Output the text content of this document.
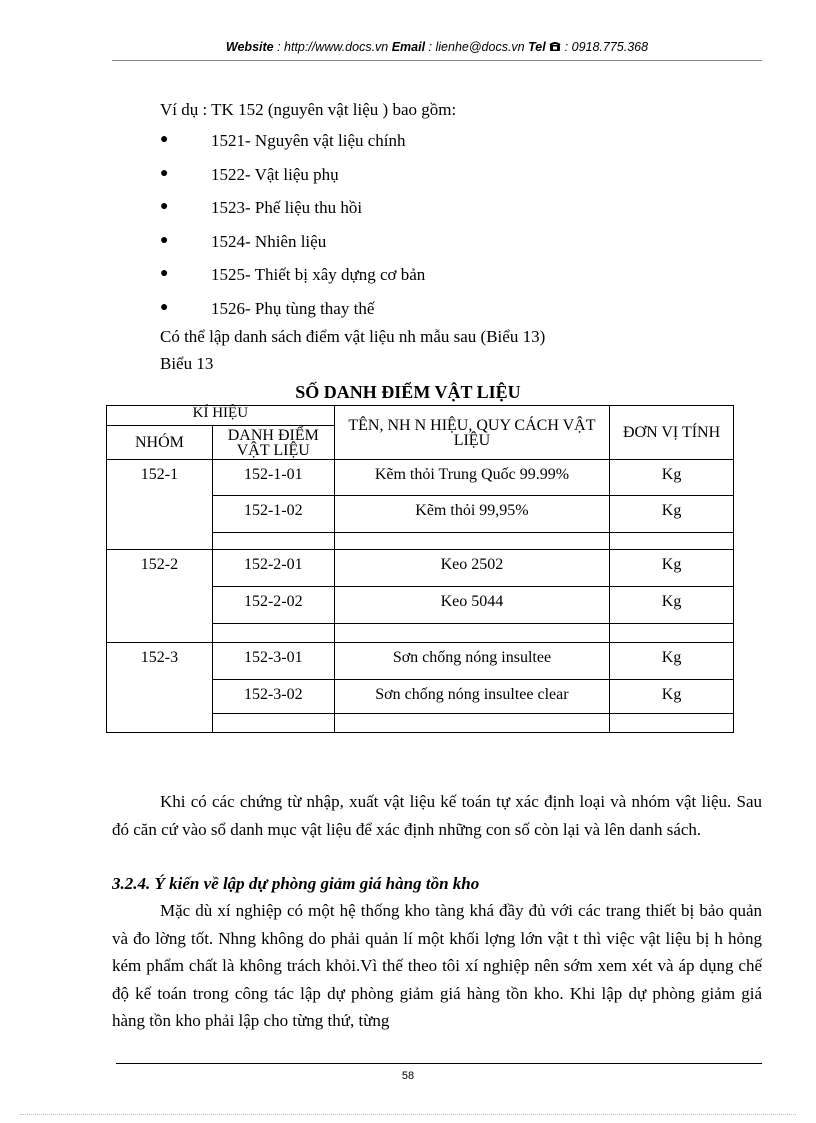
Website : http://www.docs.vn Email : lienhe@docs.vn Tel  : 0918.775.368
Ví dụ : TK 152 (nguyên vật liệu ) bao gồm:
●	1521- Nguyên vật liệu chính
●	1522- Vật liệu phụ
●	1523- Phế liệu thu hồi
●	1524- Nhiên liệu
●	1525- Thiết bị xây dựng cơ bản
●	1526- Phụ tùng thay thế
Có thể lập danh sách điểm vật liệu nh mẫu sau (Biểu 13)
Biểu 13
SỐ DANH ĐIỂM VẬT LIỆU
KÍ HIỆU		TÊN, NH N HIỆU, QUY CÁCH VẬT LIỆU	ĐƠN VỊ TÍNH
NHÓM	DANH ĐIỂM VẬT LIỆU		
152-1	152-1-01	Kẽm thỏi Trung Quốc 99.99%	Kg
	152-1-02	Kẽm thỏi 99,95%	Kg

152-2	152-2-01	Keo 2502	Kg
	152-2-02	Keo 5044	Kg

152-3	152-3-01	Sơn chống nóng insultee	Kg
	152-3-02	Sơn chống nóng insultee clear	Kg

Khi có các chứng từ nhập, xuất vật liệu kế toán tự xác định loại và nhóm vật liệu. Sau đó căn cứ vào sổ danh mục vật liệu để xác định những con số còn lại và lên danh sách.
3.2.4. Ý kiến về lập dự phòng giảm giá hàng tồn kho
Mặc dù xí nghiệp có một hệ thống kho tàng khá đầy đủ với các trang thiết bị bảo quản và đo lờng tốt. Nhng không do phải quản lí một khối lợng lớn vật t thì việc vật liệu bị h hỏng kém phẩm chất là không trách khỏi.Vì thế theo tôi xí nghiệp nên sớm xem xét và áp dụng chế độ kế toán trong công tác lập dự phòng giảm giá hàng tồn kho. Khi lập dự phòng giảm giá hàng tồn kho phải lập cho từng thứ, từng
58
